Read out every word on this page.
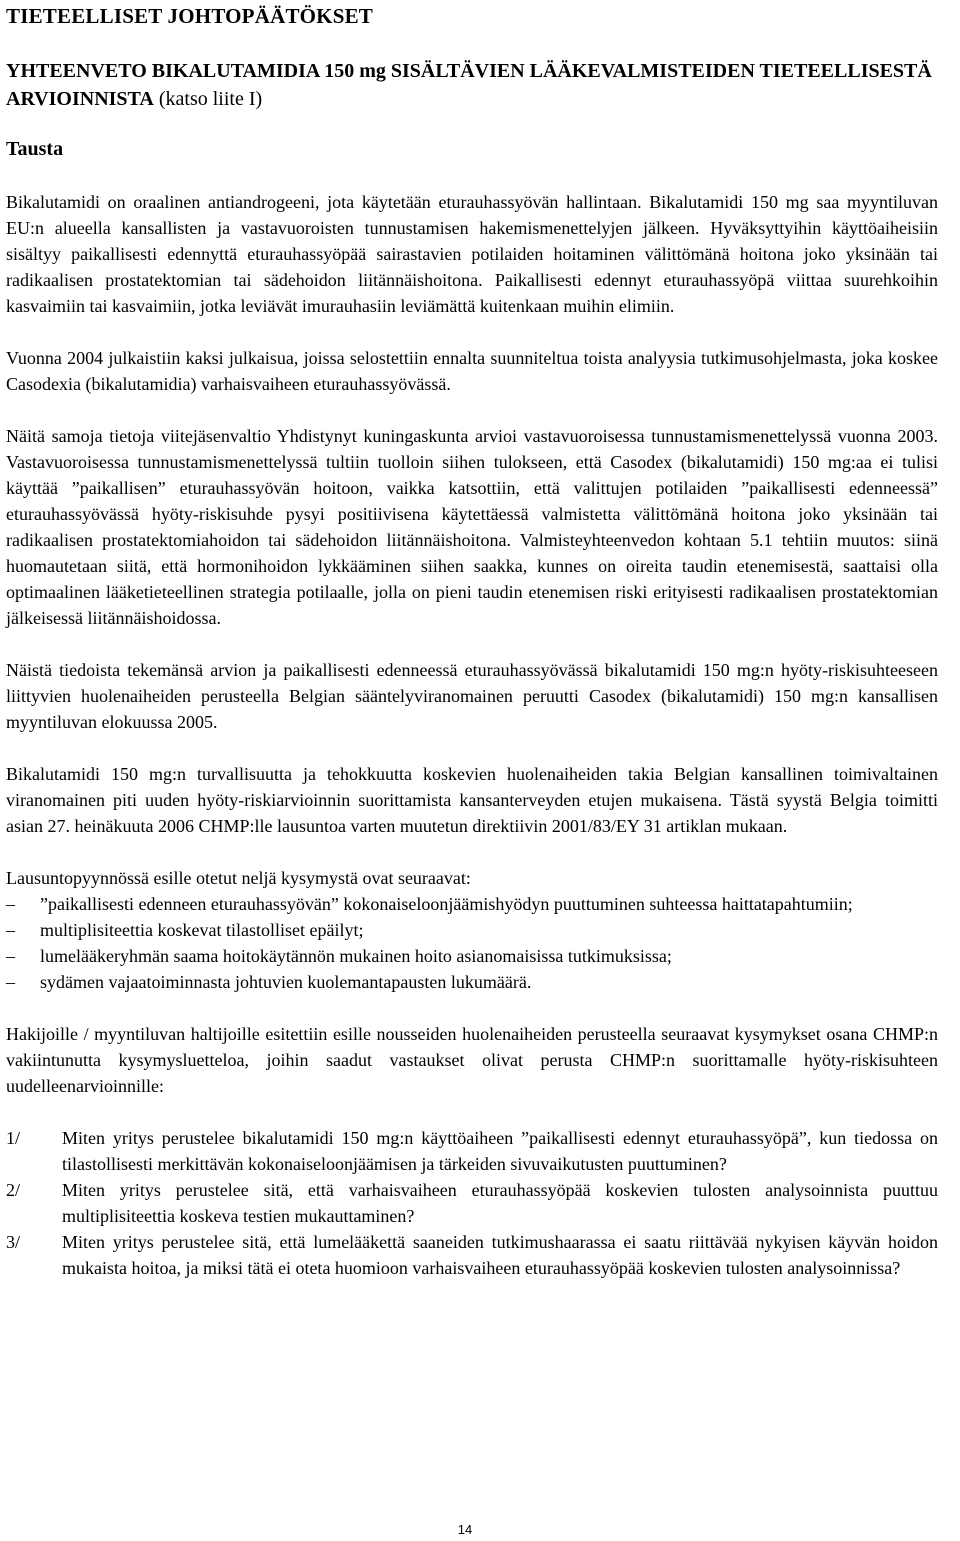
TIETEELLISET JOHTOPÄÄTÖKSET
YHTEENVETO BIKALUTAMIDIA 150 mg SISÄLTÄVIEN LÄÄKEVALMISTEIDEN TIETEELLISESTÄ ARVIOINNISTA (katso liite I)
Tausta

Bikalutamidi on oraalinen antiandrogeeni, jota käytetään eturauhassyövän hallintaan. Bikalutamidi 150 mg saa myyntiluvan EU:n alueella kansallisten ja vastavuoroisten tunnustamisen hakemismenettelyjen jälkeen. Hyväksyttyihin käyttöaiheisiin sisältyy paikallisesti edennyttä eturauhassyöpää sairastavien potilaiden hoitaminen välittömänä hoitona joko yksinään tai radikaalisen prostatektomian tai sädehoidon liitännäishoitona. Paikallisesti edennyt eturauhassyöpä viittaa suurehkoihin kasvaimiin tai kasvaimiin, jotka leviävät imurauhasiin leviämättä kuitenkaan muihin elimiin.

Vuonna 2004 julkaistiin kaksi julkaisua, joissa selostettiin ennalta suunniteltua toista analyysia tutkimusohjelmasta, joka koskee Casodexia (bikalutamidia) varhaisvaiheen eturauhassyövässä.

Näitä samoja tietoja viitejäsenvaltio Yhdistynyt kuningaskunta arvioi vastavuoroisessa tunnustamismenettelyssä vuonna 2003. Vastavuoroisessa tunnustamismenettelyssä tultiin tuolloin siihen tulokseen, että Casodex (bikalutamidi) 150 mg:aa ei tulisi käyttää ”paikallisen” eturauhassyövän hoitoon, vaikka katsottiin, että valittujen potilaiden ”paikallisesti edenneessä” eturauhassyövässä hyöty-riskisuhde pysyi positiivisena käytettäessä valmistetta välittömänä hoitona joko yksinään tai radikaalisen prostatektomiahoidon tai sädehoidon liitännäishoitona. Valmisteyhteenvedon kohtaan 5.1 tehtiin muutos: siinä huomautetaan siitä, että hormonihoidon lykkääminen siihen saakka, kunnes on oireita taudin etenemisestä, saattaisi olla optimaalinen lääketieteellinen strategia potilaalle, jolla on pieni taudin etenemisen riski erityisesti radikaalisen prostatektomian jälkeisessä liitännäishoidossa.

Näistä tiedoista tekemänsä arvion ja paikallisesti edenneessä eturauhassyövässä bikalutamidi 150 mg:n hyöty-riskisuhteeseen liittyvien huolenaiheiden perusteella Belgian sääntelyviranomainen peruutti Casodex (bikalutamidi) 150 mg:n kansallisen myyntiluvan elokuussa 2005.

Bikalutamidi 150 mg:n turvallisuutta ja tehokkuutta koskevien huolenaiheiden takia Belgian kansallinen toimivaltainen viranomainen piti uuden hyöty-riskiarvioinnin suorittamista kansanterveyden etujen mukaisena. Tästä syystä Belgia toimitti asian 27. heinäkuuta 2006 CHMP:lle lausuntoa varten muutetun direktiivin 2001/83/EY 31 artiklan mukaan.

Lausuntopyynnössä esille otetut neljä kysymystä ovat seuraavat:

– ”paikallisesti edenneen eturauhassyövän” kokonaiseloonjäämishyödyn puuttuminen suhteessa haittatapahtumiin;
– multiplisiteettia koskevat tilastolliset epäilyt;
– lumelääkeryhmän saama hoitokäytännön mukainen hoito asianomaisissa tutkimuksissa;
– sydämen vajaatoiminnasta johtuvien kuolemantapausten lukumäärä.

Hakijoille / myyntiluvan haltijoille esitettiin esille nousseiden huolenaiheiden perusteella seuraavat kysymykset osana CHMP:n vakiintunutta kysymysluetteloa, joihin saadut vastaukset olivat perusta CHMP:n suorittamalle hyöty-riskisuhteen uudelleenarvioinnille:

1/ Miten yritys perustelee bikalutamidi 150 mg:n käyttöaiheen ”paikallisesti edennyt eturauhassyöpä”, kun tiedossa on tilastollisesti merkittävän kokonaiseloonjäämisen ja tärkeiden sivuvaikutusten puuttuminen?
2/ Miten yritys perustelee sitä, että varhaisvaiheen eturauhassyöpää koskevien tulosten analysoinnista puuttuu multiplisiteettia koskeva testien mukauttaminen?
3/ Miten yritys perustelee sitä, että lumelääkettä saaneiden tutkimushaarassa ei saatu riittävää nykyisen käyvän hoidon mukaista hoitoa, ja miksi tätä ei oteta huomioon varhaisvaiheen eturauhassyöpää koskevien tulosten analysoinnissa?
14
